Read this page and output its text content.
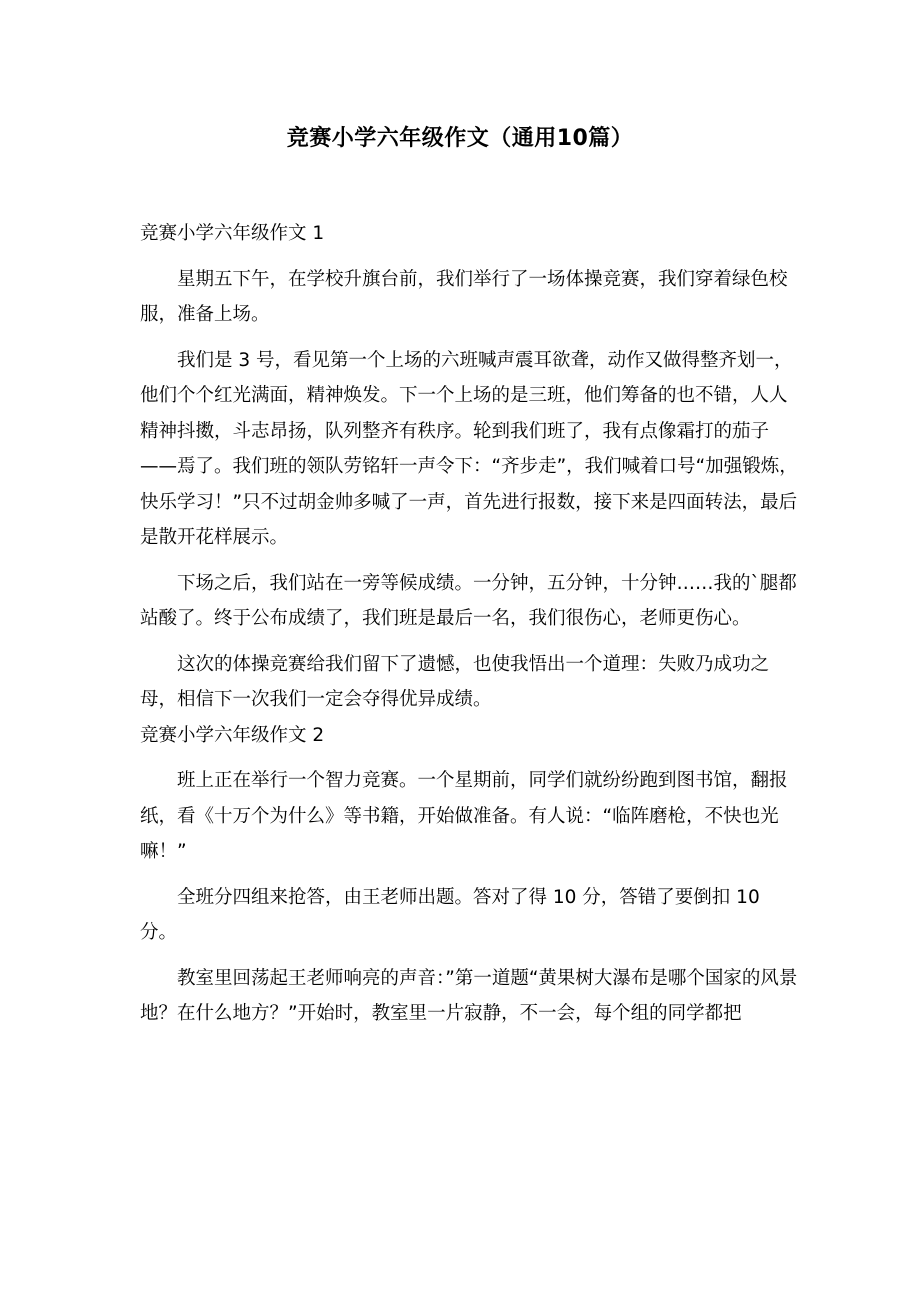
竞赛小学六年级作文（通用10篇）

竞赛小学六年级作文 1

星期五下午，在学校升旗台前，我们举行了一场体操竞赛，我们穿着绿色校服，准备上场。

我们是 3 号，看见第一个上场的六班喊声震耳欲聋，动作又做得整齐划一，他们个个红光满面，精神焕发。下一个上场的是三班，他们筹备的也不错，人人精神抖擞，斗志昂扬，队列整齐有秩序。轮到我们班了，我有点像霜打的茄子——焉了。我们班的领队劳铭轩一声令下：“齐步走”，我们喊着口号“加强锻炼，快乐学习！”只不过胡金帅多喊了一声，首先进行报数，接下来是四面转法，最后是散开花样展示。

下场之后，我们站在一旁等候成绩。一分钟，五分钟，十分钟……我的`腿都站酸了。终于公布成绩了，我们班是最后一名，我们很伤心，老师更伤心。

这次的体操竞赛给我们留下了遗憾，也使我悟出一个道理：失败乃成功之母，相信下一次我们一定会夺得优异成绩。

竞赛小学六年级作文 2

班上正在举行一个智力竞赛。一个星期前，同学们就纷纷跑到图书馆，翻报纸，看《十万个为什么》等书籍，开始做准备。有人说：“临阵磨枪，不快也光嘛！”

全班分四组来抢答，由王老师出题。答对了得 10 分，答错了要倒扣 10 分。

教室里回荡起王老师响亮的声音：”第一道题“黄果树大瀑布是哪个国家的风景地？在什么地方？”开始时，教室里一片寂静，不一会，每个组的同学都把
